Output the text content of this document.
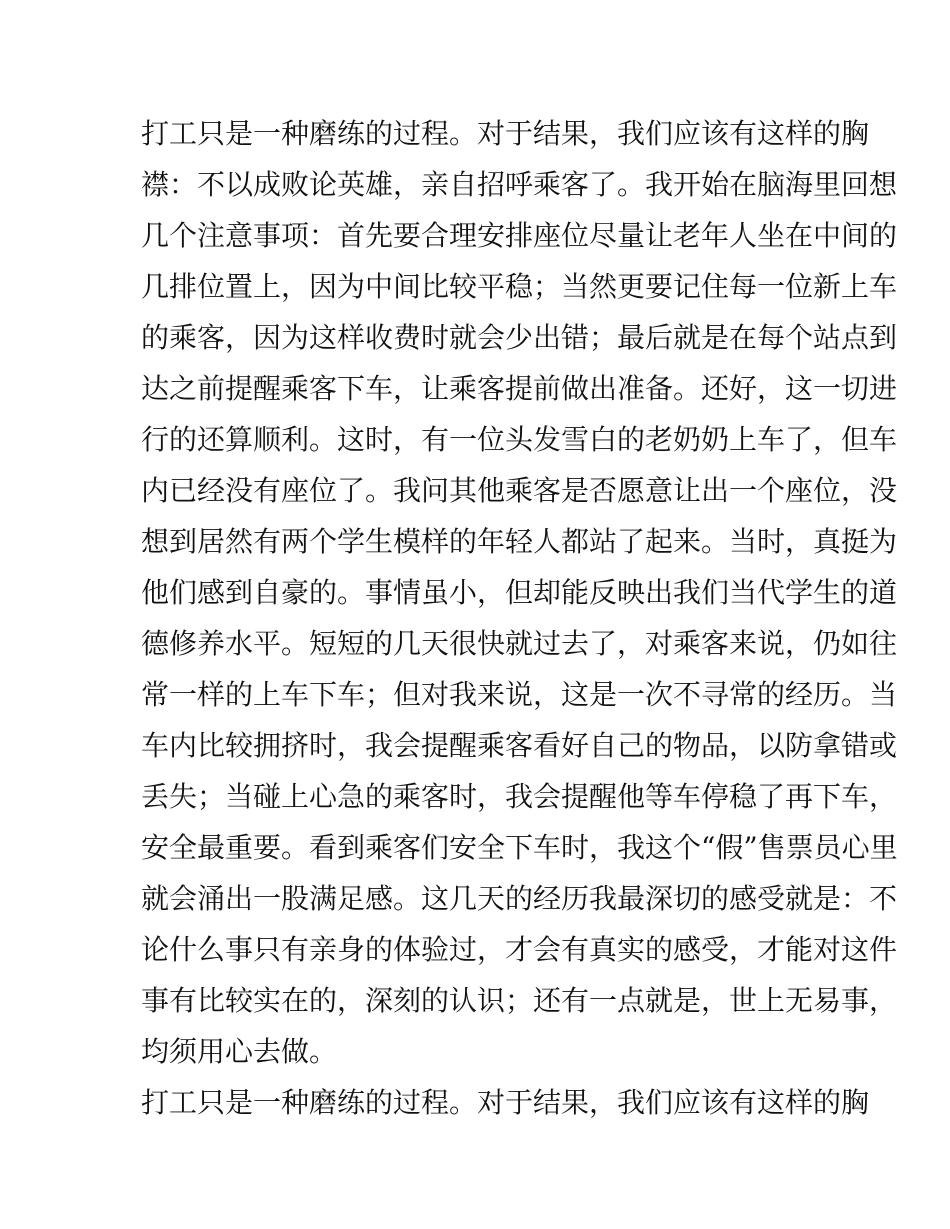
打工只是一种磨练的过程。对于结果，我们应该有这样的胸
襟：不以成败论英雄，亲自招呼乘客了。我开始在脑海里回想
几个注意事项：首先要合理安排座位尽量让老年人坐在中间的
几排位置上，因为中间比较平稳；当然更要记住每一位新上车
的乘客，因为这样收费时就会少出错；最后就是在每个站点到
达之前提醒乘客下车，让乘客提前做出准备。还好，这一切进
行的还算顺利。这时，有一位头发雪白的老奶奶上车了，但车
内已经没有座位了。我问其他乘客是否愿意让出一个座位，没
想到居然有两个学生模样的年轻人都站了起来。当时，真挺为
他们感到自豪的。事情虽小，但却能反映出我们当代学生的道
德修养水平。短短的几天很快就过去了，对乘客来说，仍如往
常一样的上车下车；但对我来说，这是一次不寻常的经历。当
车内比较拥挤时，我会提醒乘客看好自己的物品，以防拿错或
丢失；当碰上心急的乘客时，我会提醒他等车停稳了再下车，
安全最重要。看到乘客们安全下车时，我这个“假”售票员心里
就会涌出一股满足感。这几天的经历我最深切的感受就是：不
论什么事只有亲身的体验过，才会有真实的感受，才能对这件
事有比较实在的，深刻的认识；还有一点就是，世上无易事，
均须用心去做。
打工只是一种磨练的过程。对于结果，我们应该有这样的胸
